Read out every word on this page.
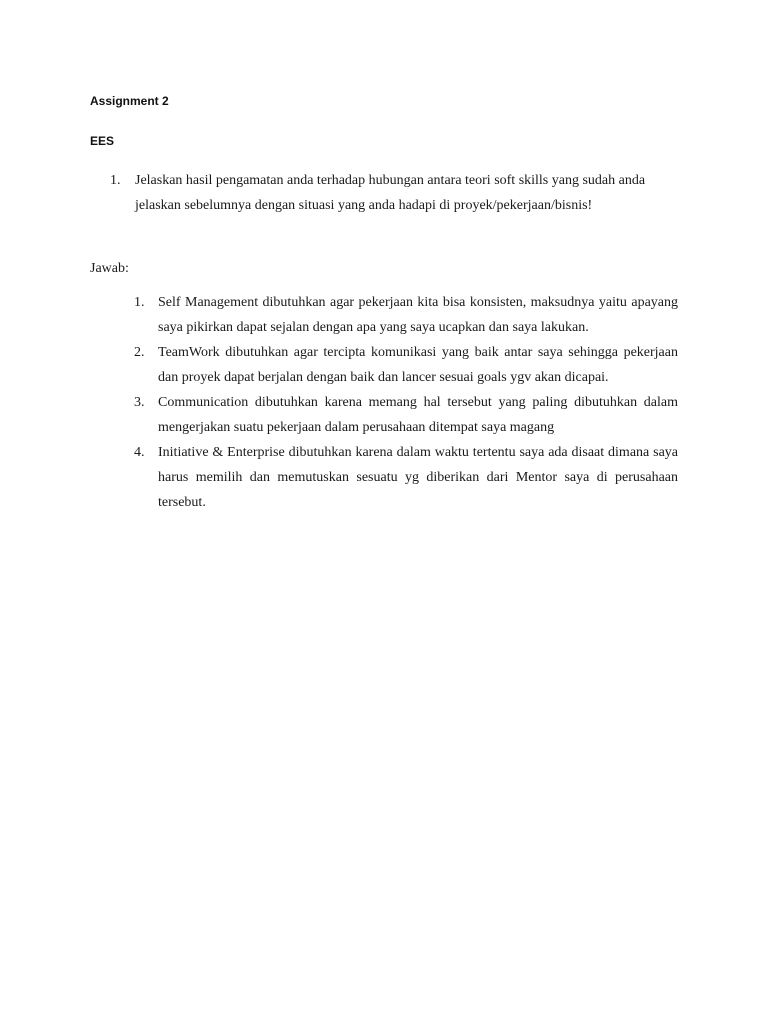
Assignment 2
EES
1. Jelaskan hasil pengamatan anda terhadap hubungan antara teori soft skills yang sudah anda jelaskan sebelumnya dengan situasi yang anda hadapi di proyek/pekerjaan/bisnis!
Jawab:
1. Self Management dibutuhkan agar pekerjaan kita bisa konsisten, maksudnya yaitu apayang saya pikirkan dapat sejalan dengan apa yang saya ucapkan dan saya lakukan.
2. TeamWork dibutuhkan agar tercipta komunikasi yang baik antar saya sehingga pekerjaan dan proyek dapat berjalan dengan baik dan lancer sesuai goals ygv akan dicapai.
3. Communication dibutuhkan karena memang hal tersebut yang paling dibutuhkan dalam mengerjakan suatu pekerjaan dalam perusahaan ditempat saya magang
4. Initiative & Enterprise dibutuhkan karena dalam waktu tertentu saya ada disaat dimana saya harus memilih dan memutuskan sesuatu yg diberikan dari Mentor saya di perusahaan tersebut.
